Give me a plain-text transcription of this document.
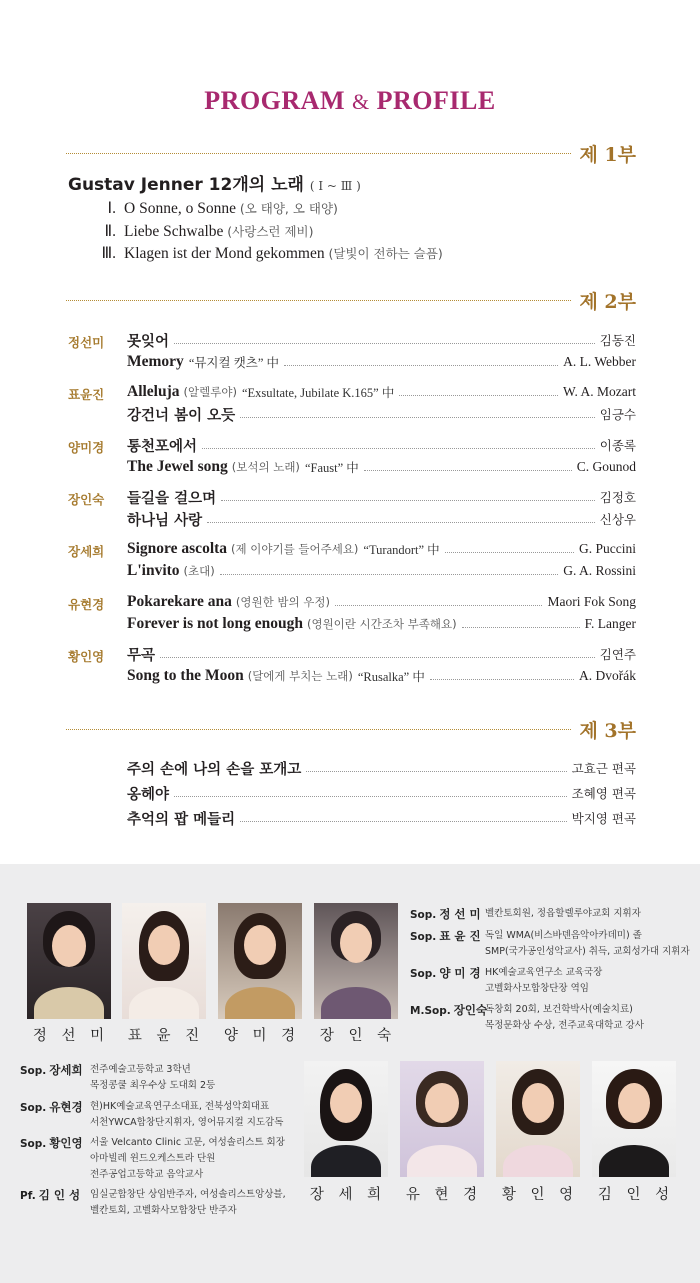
PROGRAM & PROFILE
제 1부
Gustav Jenner 12개의 노래 ( Ⅰ ~ Ⅲ )
Ⅰ. O Sonne, o Sonne (오 태양, 오 태양)
Ⅱ. Liebe Schwalbe (사랑스런 제비)
Ⅲ. Klagen ist der Mond gekommen (달빛이 전하는 슬픔)
제 2부
정선미 못잊어	김동진
Memory “뮤지컬 캣츠” 中	A. L. Webber
표윤진 Alleluja (알렐루야) “Exsultate, Jubilate K.165” 中	W. A. Mozart
강건너 봄이 오듯	임긍수
양미경 통천포에서	이종록
The Jewel song (보석의 노래) “Faust” 中	C. Gounod
장인숙 들길을 걸으며	김정호
하나님 사랑	신상우
장세희 Signore ascolta (제 이야기를 들어주세요) “Turandort” 中	G. Puccini
L'invito (초대)	G. A. Rossini
유현경 Pokarekare ana (영원한 밤의 우정)	Maori Fok Song
Forever is not long enough (영원이란 시간조차 부족해요)	F. Langer
황인영 무곡	김연주
Song to the Moon (달에게 부치는 노래) “Rusalka” 中	A. Dvořák
제 3부
주의 손에 나의 손을 포개고	고효근 편곡
옹헤야	조혜영 편곡
추억의 팝 메들리	박지영 편곡
정 선 미	표 윤 진	양 미 경	장 인 숙
Sop. 정 선 미 벨칸토회원, 정읍할렐루야교회 지휘자
Sop. 표 윤 진 독일 WMA(비스바덴음악아카데미) 졸
SMP(국가공인성악교사) 취득, 교회성가대 지휘자
Sop. 양 미 경 HK예술교육연구소 교육국장
고벨화사모합창단장 역임
M.Sop. 장인숙
독창회 20회, 보건학박사(예술치료)
목정문화상 수상, 전주교육대학교 강사
Sop. 장세희 전주예술고등학교 3학년
목정콩쿨 최우수상 도대회 2등
Sop. 유현경 현)HK예술교육연구소대표, 전북성악회대표
서천YWCA합창단지휘자, 영어뮤지컬 지도감독
Sop. 황인영 서울 Velcanto Clinic 고문, 여성솔리스트 회장
아마빌레 윈드오케스트라 단원
전주공업고등학교 음악교사
Pf. 김 인 성 임실군합창단 상임반주자, 여성솔리스트앙상블,
벨칸토회, 고벨화사모합창단 반주자
장 세 희	유 현 경	황 인 영	김 인 성
